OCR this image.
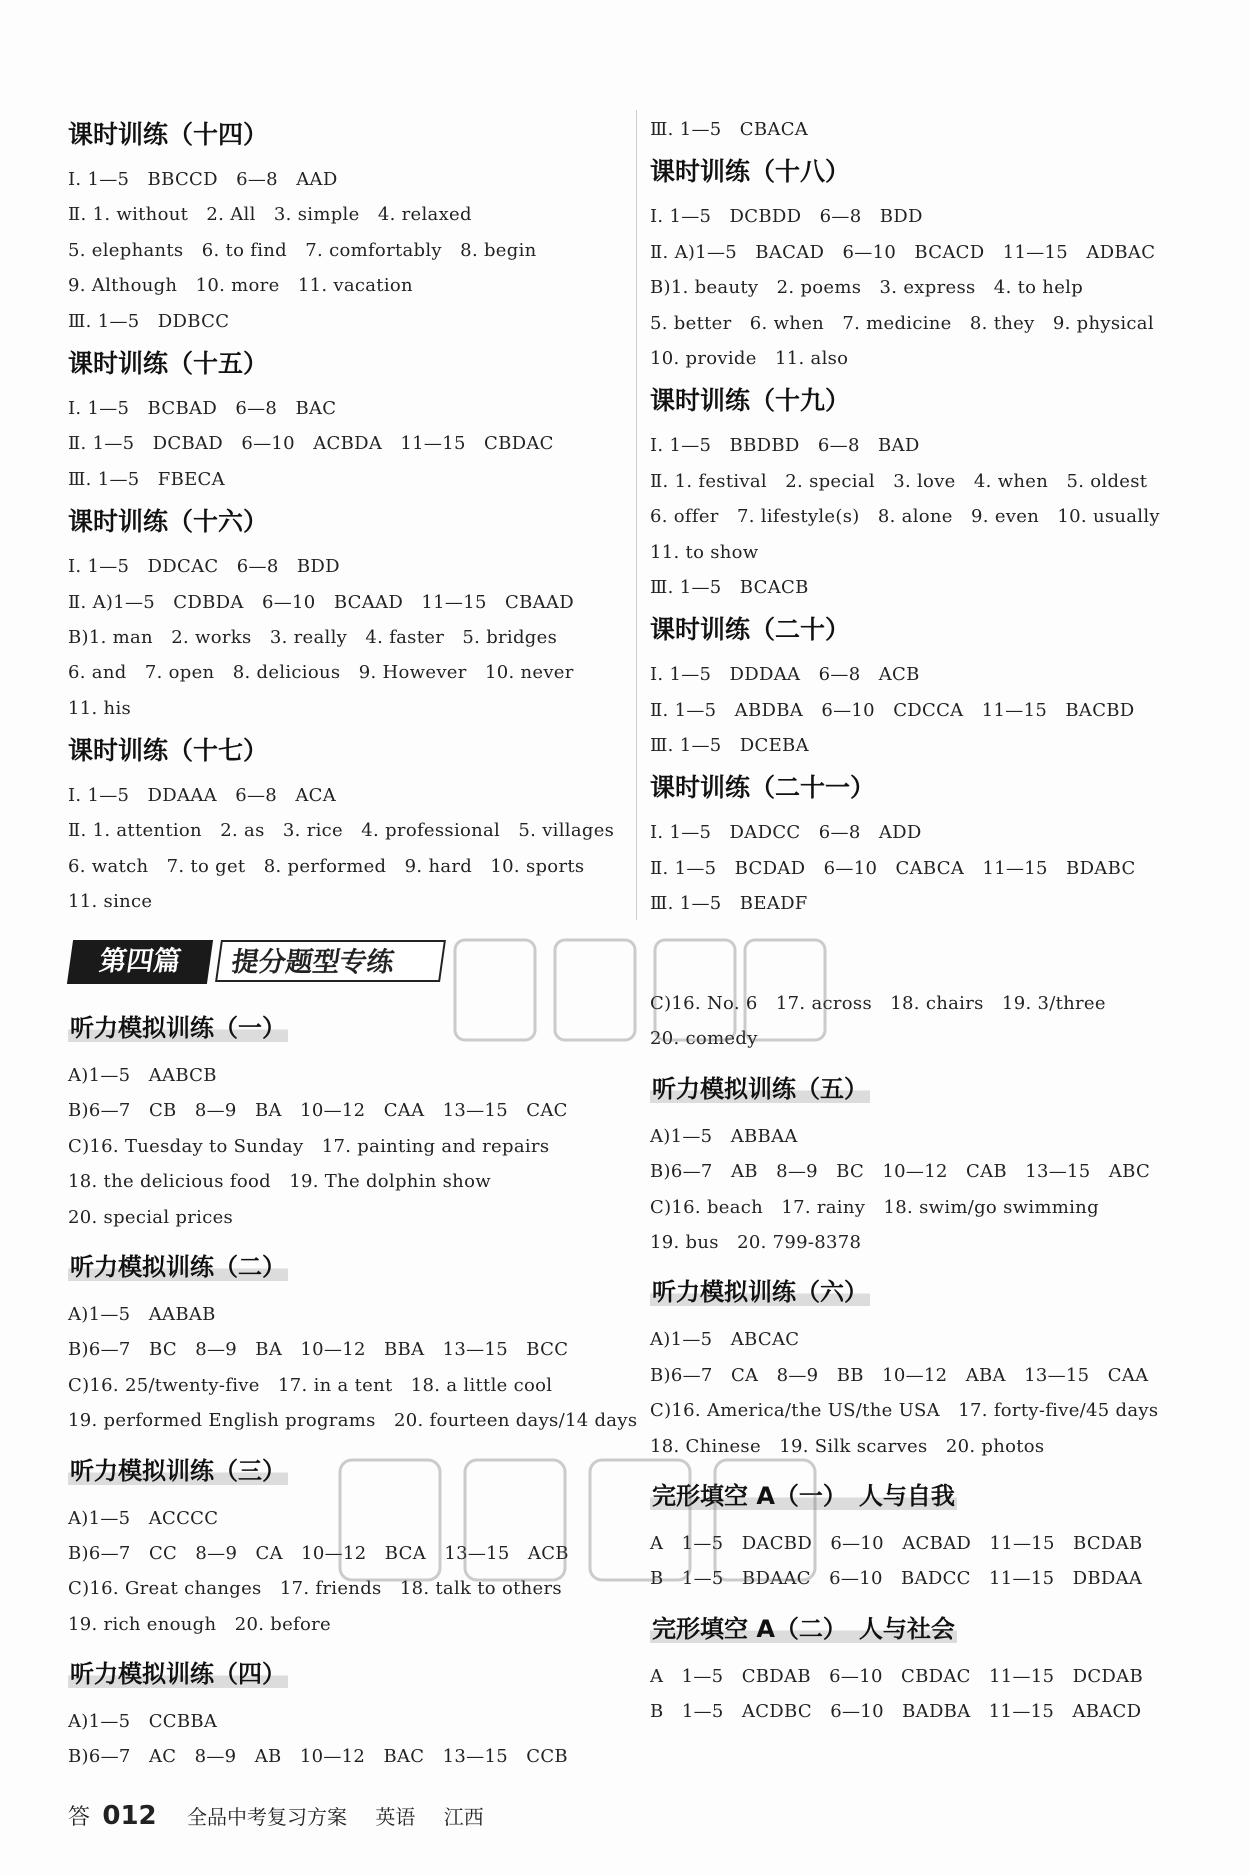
课时训练（十四）
Ⅰ. 1—5　BBCCD　6—8　AAD
Ⅱ. 1. without　2. All　3. simple　4. relaxed
5. elephants　6. to find　7. comfortably　8. begin
9. Although　10. more　11. vacation
Ⅲ. 1—5　DDBCC
课时训练（十五）
Ⅰ. 1—5　BCBAD　6—8　BAC
Ⅱ. 1—5　DCBAD　6—10　ACBDA　11—15　CBDAC
Ⅲ. 1—5　FBECA
课时训练（十六）
Ⅰ. 1—5　DDCAC　6—8　BDD
Ⅱ. A)1—5　CDBDA　6—10　BCAAD　11—15　CBAAD
B)1. man　2. works　3. really　4. faster　5. bridges
6. and　7. open　8. delicious　9. However　10. never
11. his
课时训练（十七）
Ⅰ. 1—5　DDAAA　6—8　ACA
Ⅱ. 1. attention　2. as　3. rice　4. professional　5. villages
6. watch　7. to get　8. performed　9. hard　10. sports
11. since
Ⅲ. 1—5　CBACA
课时训练（十八）
Ⅰ. 1—5　DCBDD　6—8　BDD
Ⅱ. A)1—5　BACAD　6—10　BCACD　11—15　ADBAC
B)1. beauty　2. poems　3. express　4. to help
5. better　6. when　7. medicine　8. they　9. physical
10. provide　11. also
课时训练（十九）
Ⅰ. 1—5　BBDBD　6—8　BAD
Ⅱ. 1. festival　2. special　3. love　4. when　5. oldest
6. offer　7. lifestyle(s)　8. alone　9. even　10. usually
11. to show
Ⅲ. 1—5　BCACB
课时训练（二十）
Ⅰ. 1—5　DDDAA　6—8　ACB
Ⅱ. 1—5　ABDBA　6—10　CDCCA　11—15　BACBD
Ⅲ. 1—5　DCEBA
课时训练（二十一）
Ⅰ. 1—5　DADCC　6—8　ADD
Ⅱ. 1—5　BCDAD　6—10　CABCA　11—15　BDABC
Ⅲ. 1—5　BEADF
第四篇	提分题型专练
听力模拟训练（一）
A)1—5　AABCB
B)6—7　CB　8—9　BA　10—12　CAA　13—15　CAC
C)16. Tuesday to Sunday　17. painting and repairs
18. the delicious food　19. The dolphin show
20. special prices
听力模拟训练（二）
A)1—5　AABAB
B)6—7　BC　8—9　BA　10—12　BBA　13—15　BCC
C)16. 25/twenty-five　17. in a tent　18. a little cool
19. performed English programs　20. fourteen days/14 days
听力模拟训练（三）
A)1—5　ACCCC
B)6—7　CC　8—9　CA　10—12　BCA　13—15　ACB
C)16. Great changes　17. friends　18. talk to others
19. rich enough　20. before
听力模拟训练（四）
A)1—5　CCBBA
B)6—7　AC　8—9　AB　10—12　BAC　13—15　CCB
C)16. No. 6　17. across　18. chairs　19. 3/three
20. comedy
听力模拟训练（五）
A)1—5　ABBAA
B)6—7　AB　8—9　BC　10—12　CAB　13—15　ABC
C)16. beach　17. rainy　18. swim/go swimming
19. bus　20. 799-8378
听力模拟训练（六）
A)1—5　ABCAC
B)6—7　CA　8—9　BB　10—12　ABA　13—15　CAA
C)16. America/the US/the USA　17. forty-five/45 days
18. Chinese　19. Silk scarves　20. photos
完形填空 A（一）　人与自我
A　1—5　DACBD　6—10　ACBAD　11—15　BCDAB
B　1—5　BDAAC　6—10　BADCC　11—15　DBDAA
完形填空 A（二）　人与社会
A　1—5　CBDAB　6—10　CBDAC　11—15　DCDAB
B　1—5　ACDBC　6—10　BADBA　11—15　ABACD
答 012 全品中考复习方案 英语 江西
